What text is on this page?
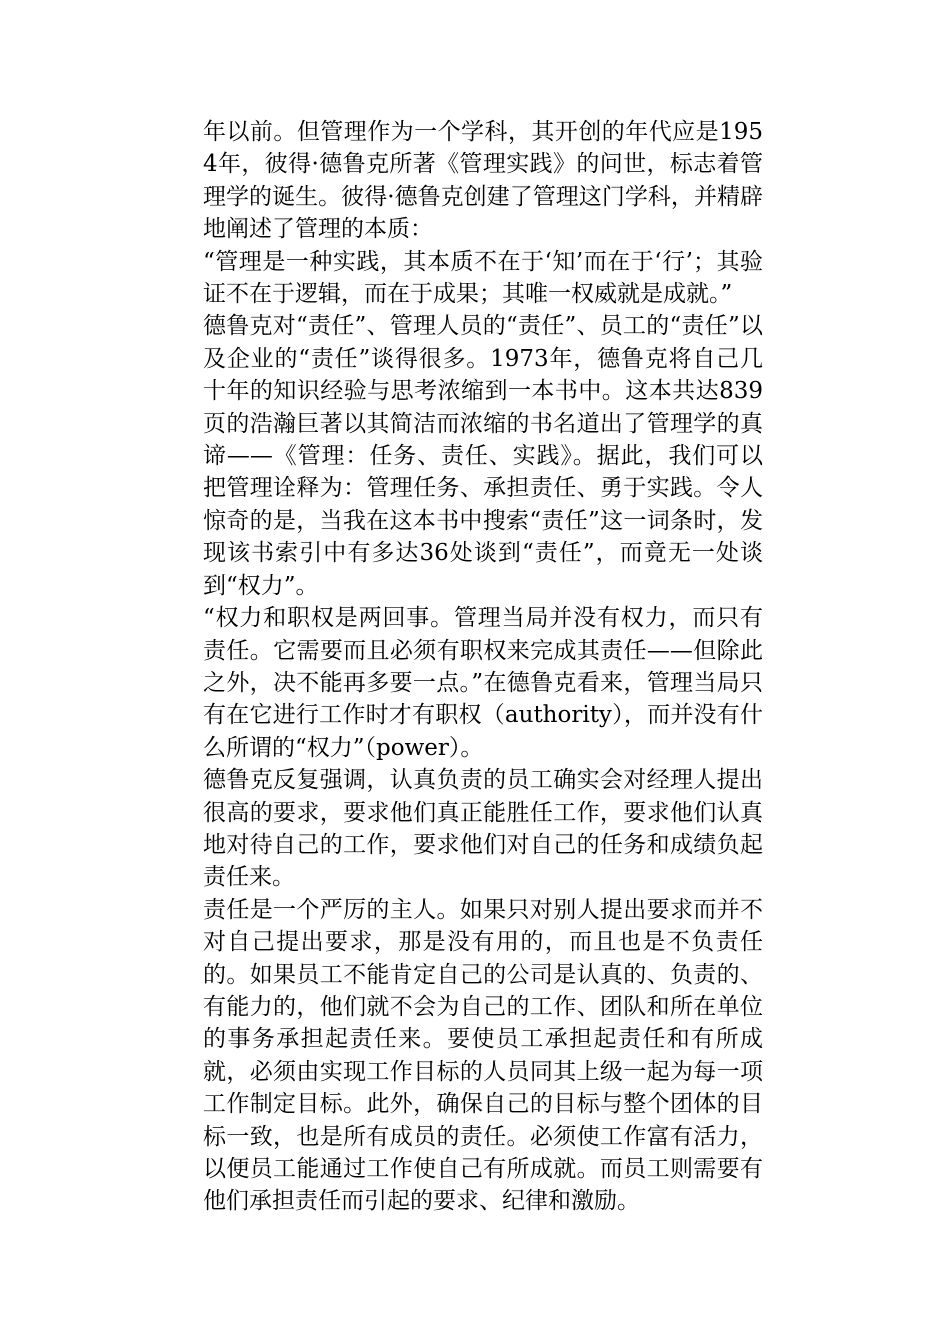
年以前。但管理作为一个学科，其开创的年代应是1954年，彼得·德鲁克所著《管理实践》的问世，标志着管理学的诞生。彼得·德鲁克创建了管理这门学科，并精辟地阐述了管理的本质：

“管理是一种实践，其本质不在于‘知’而在于‘行’；其验证不在于逻辑，而在于成果；其唯一权威就是成就。”

德鲁克对“责任”、管理人员的“责任”、员工的“责任”以及企业的“责任”谈得很多。1973年，德鲁克将自己几十年的知识经验与思考浓缩到一本书中。这本共达839页的浩瀚巨著以其简洁而浓缩的书名道出了管理学的真谛——《管理：任务、责任、实践》。据此，我们可以把管理诠释为：管理任务、承担责任、勇于实践。令人惊奇的是，当我在这本书中搜索“责任”这一词条时，发现该书索引中有多达36处谈到“责任”，而竟无一处谈到“权力”。

“权力和职权是两回事。管理当局并没有权力，而只有责任。它需要而且必须有职权来完成其责任——但除此之外，决不能再多要一点。”在德鲁克看来，管理当局只有在它进行工作时才有职权（authority），而并没有什么所谓的“权力”（power）。

德鲁克反复强调，认真负责的员工确实会对经理人提出很高的要求，要求他们真正能胜任工作，要求他们认真地对待自己的工作，要求他们对自己的任务和成绩负起责任来。

责任是一个严厉的主人。如果只对别人提出要求而并不对自己提出要求，那是没有用的，而且也是不负责任的。如果员工不能肯定自己的公司是认真的、负责的、有能力的，他们就不会为自己的工作、团队和所在单位的事务承担起责任来。要使员工承担起责任和有所成就，必须由实现工作目标的人员同其上级一起为每一项工作制定目标。此外，确保自己的目标与整个团体的目标一致，也是所有成员的责任。必须使工作富有活力，以便员工能通过工作使自己有所成就。而员工则需要有他们承担责任而引起的要求、纪律和激励。
